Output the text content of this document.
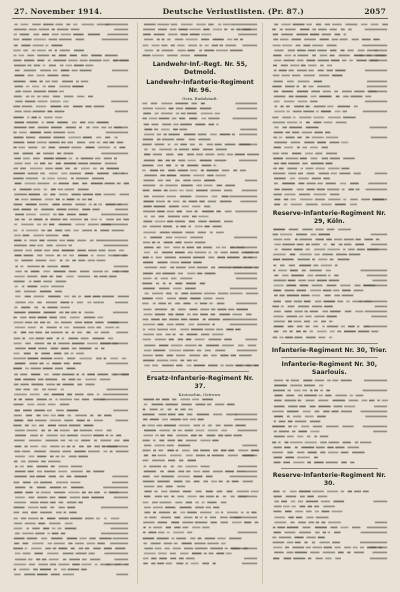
27. November 1914.	Deutsche Verlustlisten. (Pr. 87.)	2057
Landwehr-Inf.-Regt. Nr. 55, Detmold.
Landwehr-Infanterie-Regiment Nr. 96.
Gera, Rudolstadt.
Ersatz-Infanterie-Regiment Nr. 37.
Krotoschin, Ostrowo.
Reserve-Infanterie-Regiment Nr. 29, Köln.
Infanterie-Regiment Nr. 30, Trier.
Infanterie-Regiment Nr. 30, Saarlouis.
Reserve-Infanterie-Regiment Nr. 30.
